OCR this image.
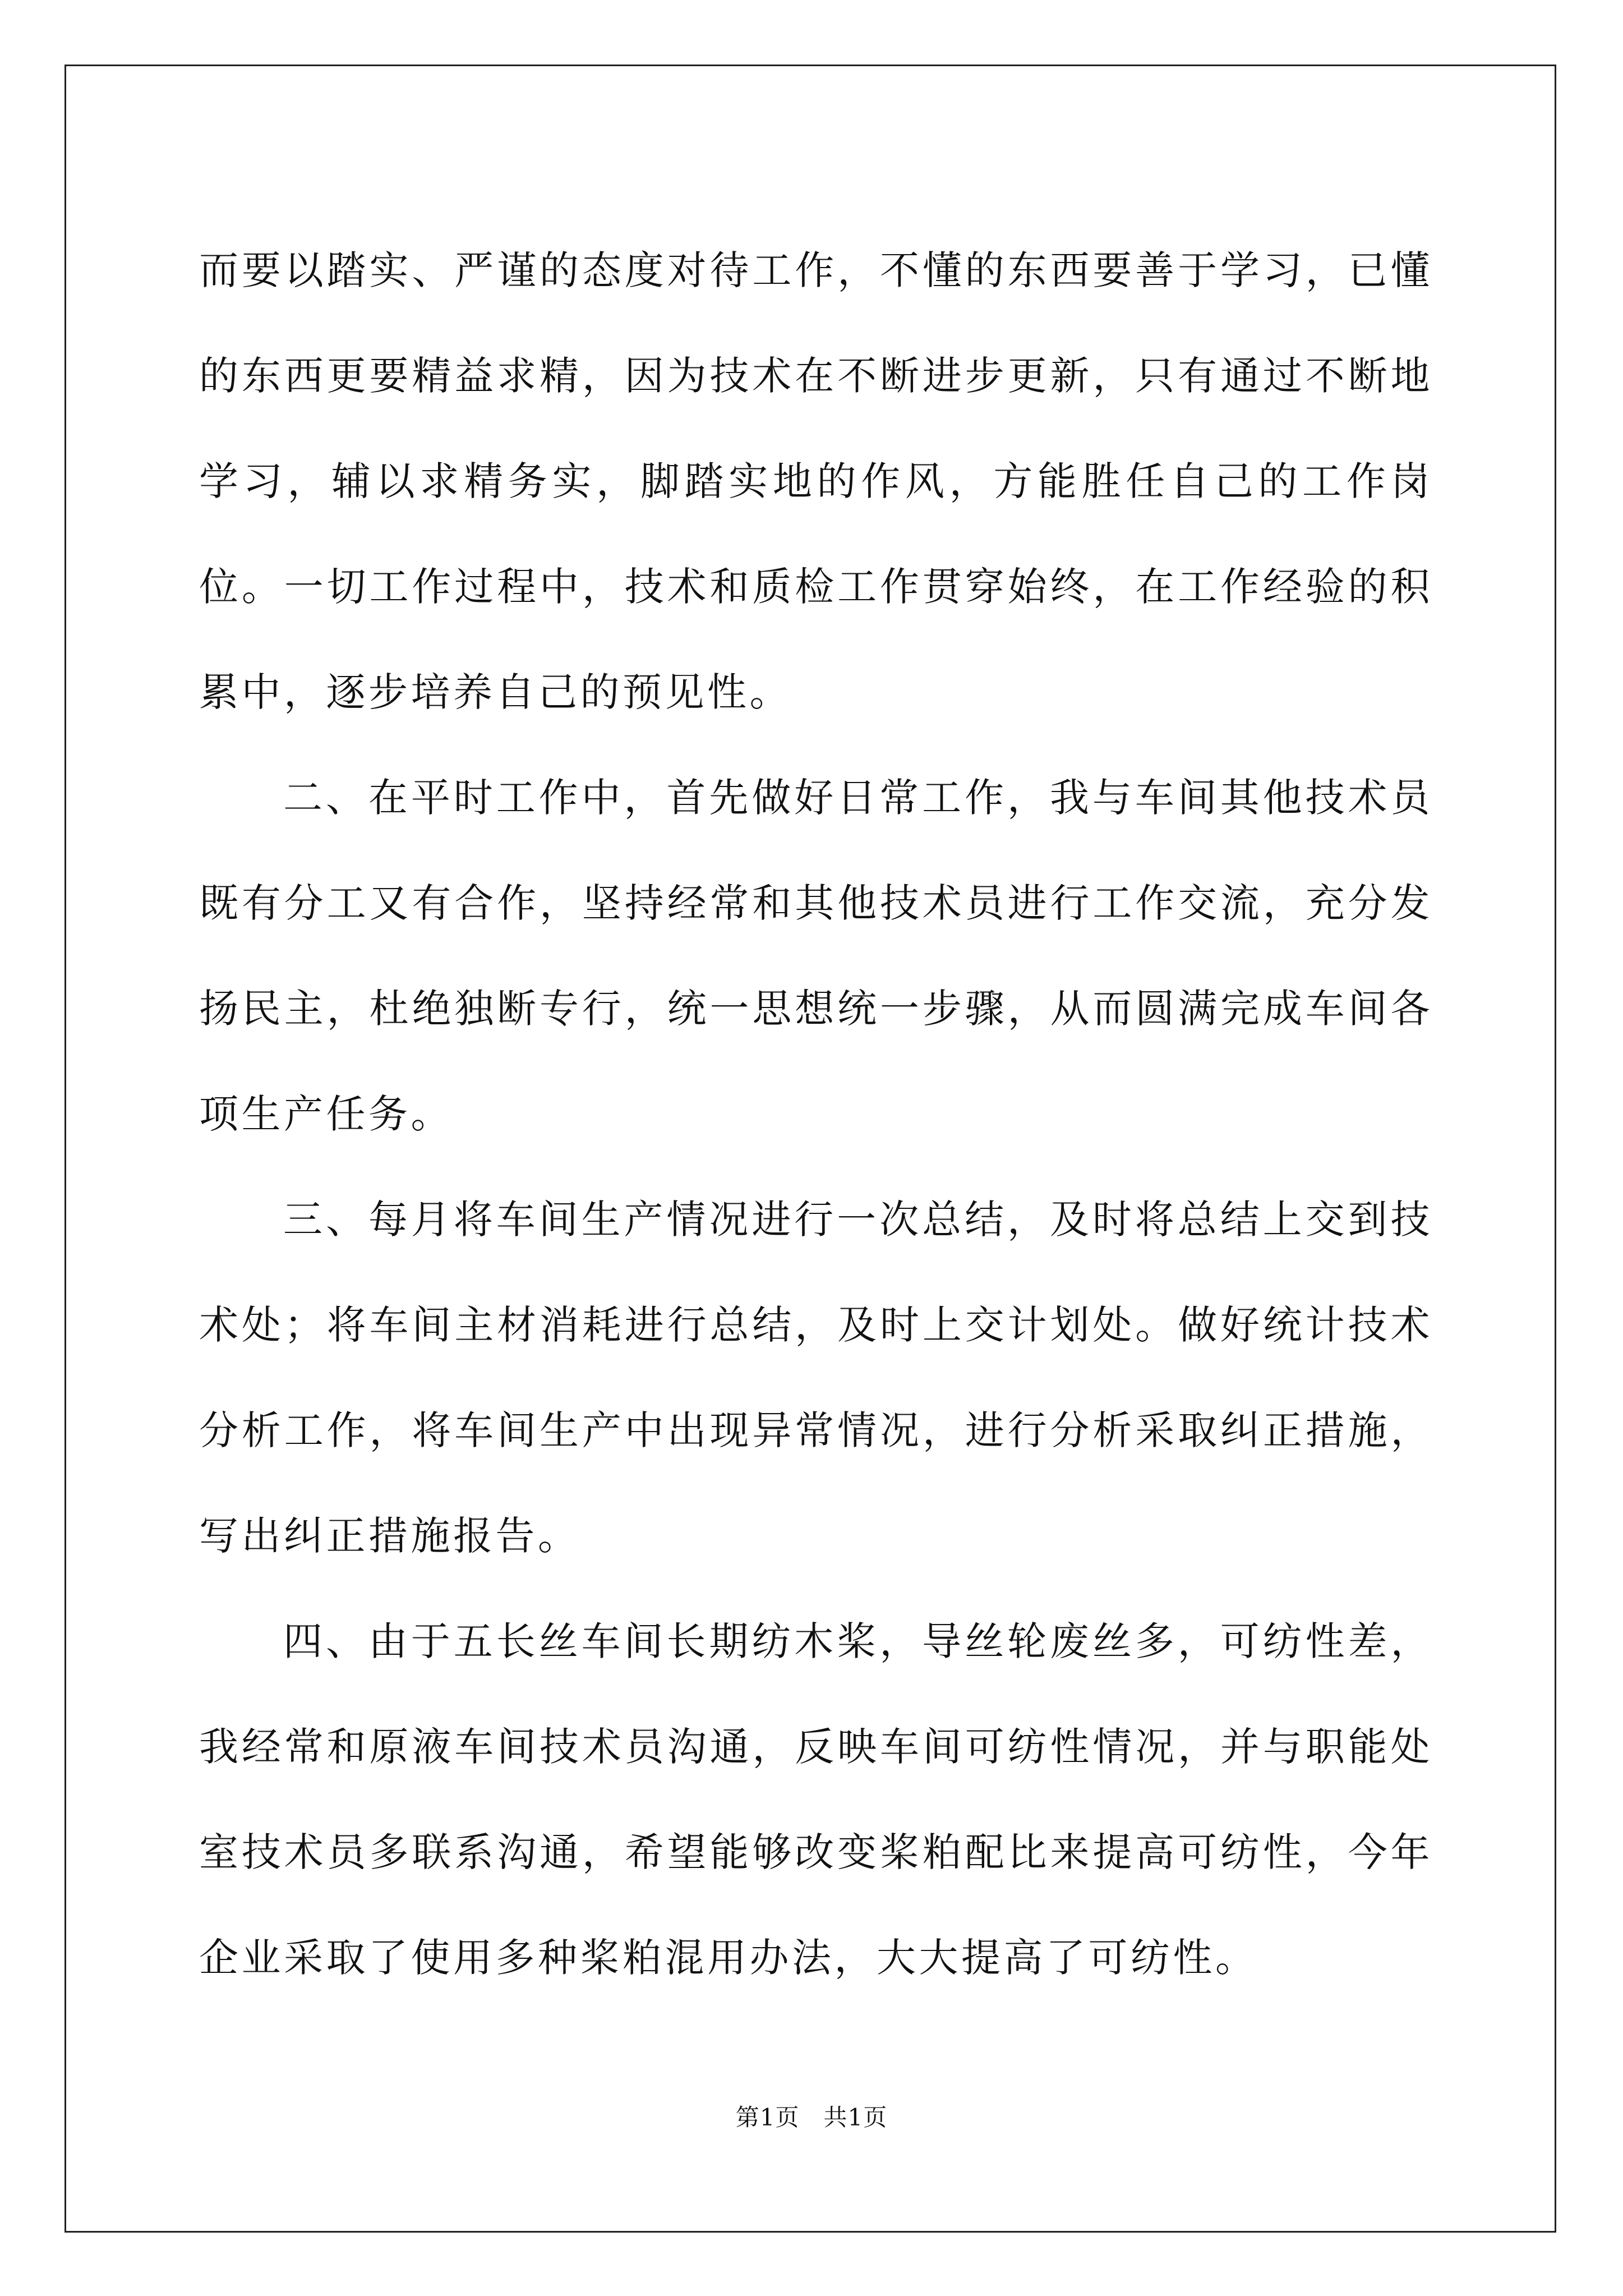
而要以踏实、严谨的态度对待工作，不懂的东西要善于学习，已懂的东西更要精益求精，因为技术在不断进步更新，只有通过不断地学习，辅以求精务实，脚踏实地的作风，方能胜任自己的工作岗位。一切工作过程中，技术和质检工作贯穿始终，在工作经验的积累中，逐步培养自己的预见性。

二、在平时工作中，首先做好日常工作，我与车间其他技术员既有分工又有合作，坚持经常和其他技术员进行工作交流，充分发扬民主，杜绝独断专行，统一思想统一步骤，从而圆满完成车间各项生产任务。

三、每月将车间生产情况进行一次总结，及时将总结上交到技术处；将车间主材消耗进行总结，及时上交计划处。做好统计技术分析工作，将车间生产中出现异常情况，进行分析采取纠正措施，写出纠正措施报告。

四、由于五长丝车间长期纺木桨，导丝轮废丝多，可纺性差，我经常和原液车间技术员沟通，反映车间可纺性情况，并与职能处室技术员多联系沟通，希望能够改变桨粕配比来提高可纺性，今年企业采取了使用多种桨粕混用办法，大大提高了可纺性。

第1页 共1页
